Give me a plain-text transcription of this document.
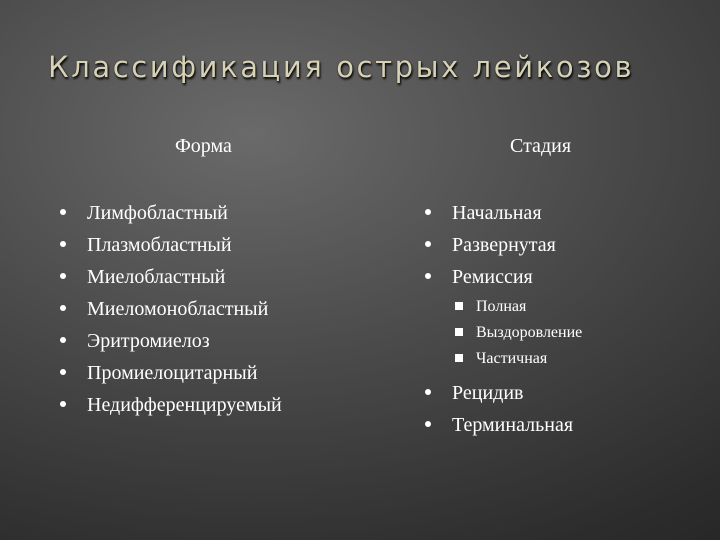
Классификация острых лейкозов
Форма	Стадия
Лимфобластный
Плазмобластный
Миелобластный
Миеломонобластный
Эритромиелоз
Промиелоцитарный
Недифференцируемый
Начальная
Развернутая
Ремиссия
Полная
Выздоровление
Частичная
Рецидив
Терминальная
